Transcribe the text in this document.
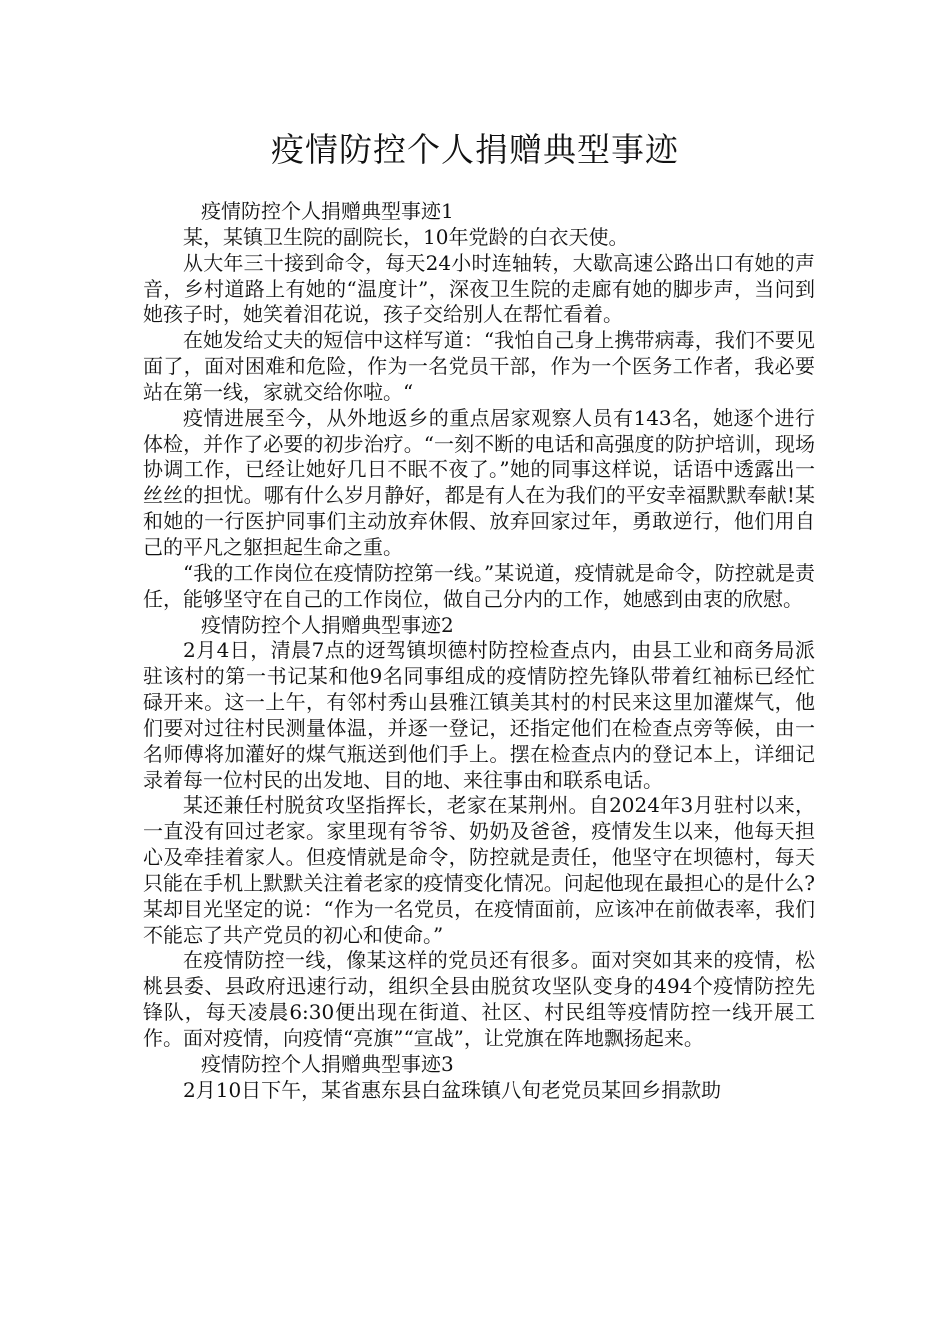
疫情防控个人捐赠典型事迹

疫情防控个人捐赠典型事迹1

某，某镇卫生院的副院长，10年党龄的白衣天使。

从大年三十接到命令，每天24小时连轴转，大歇高速公路出口有她的声音，乡村道路上有她的“温度计”，深夜卫生院的走廊有她的脚步声，当问到她孩子时，她笑着泪花说，孩子交给别人在帮忙看着。

在她发给丈夫的短信中这样写道：“我怕自己身上携带病毒，我们不要见面了，面对困难和危险，作为一名党员干部，作为一个医务工作者，我必要站在第一线，家就交给你啦。“

疫情进展至今，从外地返乡的重点居家观察人员有143名，她逐个进行体检，并作了必要的初步治疗。“一刻不断的电话和高强度的防护培训，现场协调工作，已经让她好几日不眠不夜了。”她的同事这样说，话语中透露出一丝丝的担忧。哪有什么岁月静好，都是有人在为我们的平安幸福默默奉献!某和她的一行医护同事们主动放弃休假、放弃回家过年，勇敢逆行，他们用自己的平凡之躯担起生命之重。

“我的工作岗位在疫情防控第一线。”某说道，疫情就是命令，防控就是责任，能够坚守在自己的工作岗位，做自己分内的工作，她感到由衷的欣慰。

疫情防控个人捐赠典型事迹2

2月4日，清晨7点的迓驾镇坝德村防控检查点内，由县工业和商务局派驻该村的第一书记某和他9名同事组成的疫情防控先锋队带着红袖标已经忙碌开来。这一上午，有邻村秀山县雅江镇美其村的村民来这里加灌煤气，他们要对过往村民测量体温，并逐一登记，还指定他们在检查点旁等候，由一名师傅将加灌好的煤气瓶送到他们手上。摆在检查点内的登记本上，详细记录着每一位村民的出发地、目的地、来往事由和联系电话。

某还兼任村脱贫攻坚指挥长，老家在某荆州。自2024年3月驻村以来，一直没有回过老家。家里现有爷爷、奶奶及爸爸，疫情发生以来，他每天担心及牵挂着家人。但疫情就是命令，防控就是责任，他坚守在坝德村，每天只能在手机上默默关注着老家的疫情变化情况。问起他现在最担心的是什么?某却目光坚定的说：“作为一名党员，在疫情面前，应该冲在前做表率，我们不能忘了共产党员的初心和使命。”

在疫情防控一线，像某这样的党员还有很多。面对突如其来的疫情，松桃县委、县政府迅速行动，组织全县由脱贫攻坚队变身的494个疫情防控先锋队，每天凌晨6:30便出现在街道、社区、村民组等疫情防控一线开展工作。面对疫情，向疫情“亮旗”“宣战”，让党旗在阵地飘扬起来。

疫情防控个人捐赠典型事迹3

2月10日下午，某省惠东县白盆珠镇八旬老党员某回乡捐款助
